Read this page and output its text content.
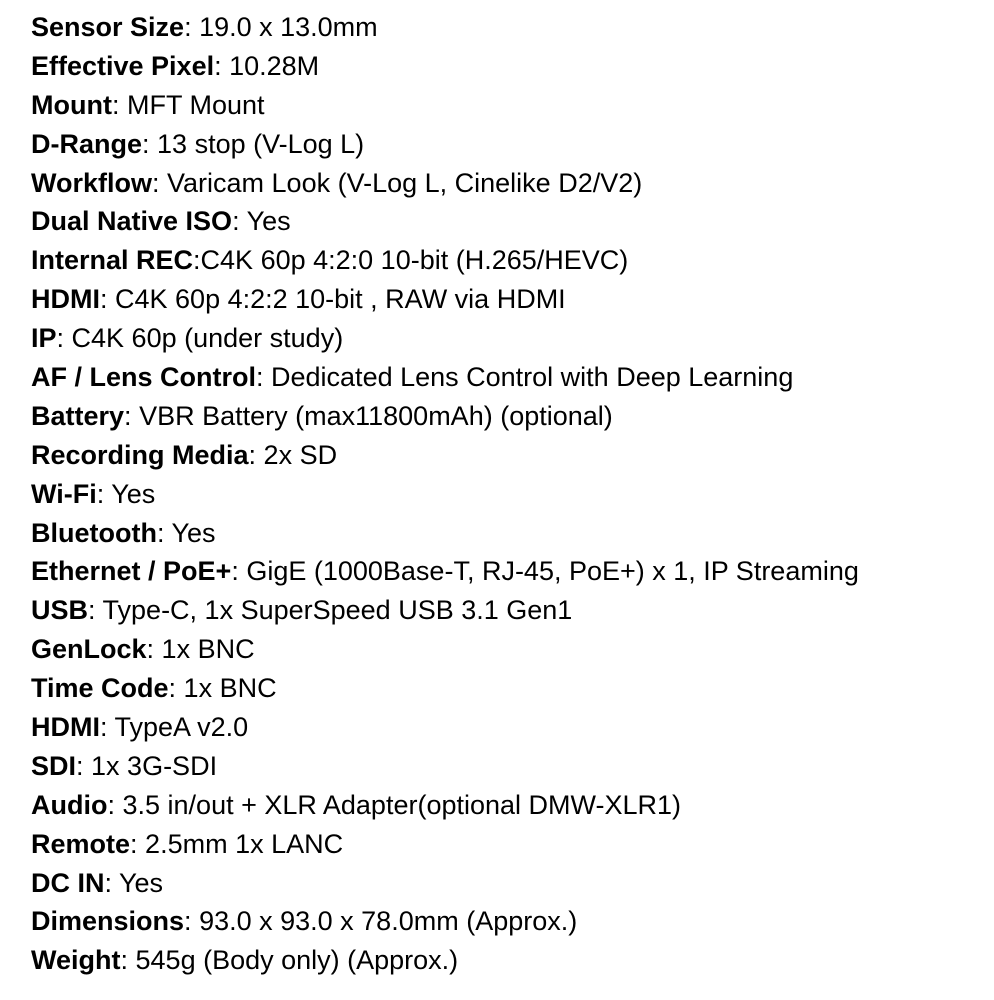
Sensor Size: 19.0 x 13.0mm
Effective Pixel: 10.28M
Mount: MFT Mount
D-Range: 13 stop (V-Log L)
Workflow: Varicam Look (V-Log L, Cinelike D2/V2)
Dual Native ISO: Yes
Internal REC:C4K 60p 4:2:0 10-bit (H.265/HEVC)
HDMI: C4K 60p 4:2:2 10-bit , RAW via HDMI
IP: C4K 60p (under study)
AF / Lens Control: Dedicated Lens Control with Deep Learning
Battery: VBR Battery (max11800mAh) (optional)
Recording Media: 2x SD
Wi-Fi: Yes
Bluetooth: Yes
Ethernet / PoE+: GigE (1000Base-T, RJ-45, PoE+) x 1, IP Streaming
USB: Type-C, 1x SuperSpeed USB 3.1 Gen1
GenLock: 1x BNC
Time Code: 1x BNC
HDMI: TypeA v2.0
SDI: 1x 3G-SDI
Audio: 3.5 in/out + XLR Adapter(optional DMW-XLR1)
Remote: 2.5mm 1x LANC
DC IN: Yes
Dimensions: 93.0 x 93.0 x 78.0mm (Approx.)
Weight: 545g (Body only) (Approx.)
